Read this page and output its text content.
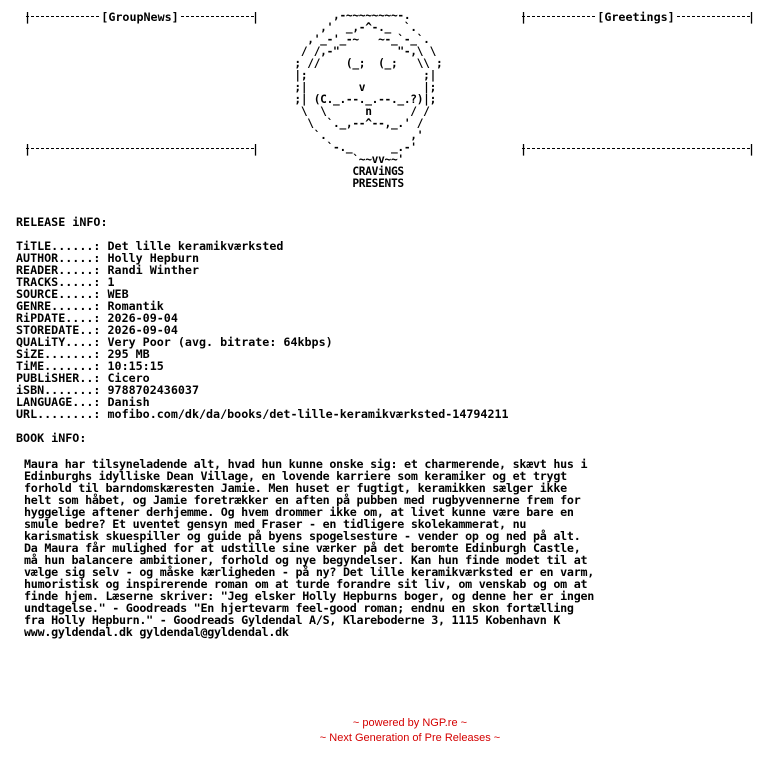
|	[GroupNews]	|	|	[Greetings]	|
|	|	|	|
,-~~~~~~~~-.
,'  _,-^-._  `.
,'_-'_-~   ~-_`-_`.
/ /,-"         "-,\ \
; //    (_;  (_;   \\ ;
|;                  ;|
;|        v         |;
;| (C._.--._.--._.?)|;
\  \      n      / /
\  `._,--^--,_.' /
`.             ,'
`-._      _.-'
`~~vv~~'
CRAViNGS
PRESENTS
RELEASE iNFO:
TiTLE......: Det lille keramikværksted
AUTHOR.....: Holly Hepburn
READER.....: Randi Winther
TRACKS.....: 1
SOURCE.....: WEB
GENRE......: Romantik
RiPDATE....: 2026-09-04
STOREDATE..: 2026-09-04
QUALiTY....: Very Poor (avg. bitrate: 64kbps)
SiZE.......: 295 MB
TiME.......: 10:15:15
PUBLiSHER..: Cicero
iSBN.......: 9788702436037
LANGUAGE...: Danish
URL........: mofibo.com/dk/da/books/det-lille-keramikværksted-14794211
BOOK iNFO:
Maura har tilsyneladende alt, hvad hun kunne onske sig: et charmerende, skævt hus i Edinburghs idylliske Dean Village, en lovende karriere som keramiker og et trygt forhold til barndomskæresten Jamie. Men huset er fugtigt, keramikken sælger ikke helt som håbet, og Jamie foretrækker en aften på pubben med rugbyvennerne frem for hyggelige aftener derhjemme. Og hvem drommer ikke om, at livet kunne være bare en smule bedre? Et uventet gensyn med Fraser - en tidligere skolekammerat, nu karismatisk skuespiller og guide på byens spogelsesture - vender op og ned på alt. Da Maura får mulighed for at udstille sine værker på det beromte Edinburgh Castle, må hun balancere ambitioner, forhold og nye begyndelser. Kan hun finde modet til at vælge sig selv - og måske kærligheden - på ny? Det lille keramikværksted er en varm, humoristisk og inspirerende roman om at turde forandre sit liv, om venskab og om at finde hjem. Læserne skriver: "Jeg elsker Holly Hepburns boger, og denne her er ingen undtagelse." - Goodreads "En hjertevarm feel-good roman; endnu en skon fortælling fra Holly Hepburn." - Goodreads Gyldendal A/S, Klareboderne 3, 1115 Kobenhavn K www.gyldendal.dk gyldendal@gyldendal.dk
~ powered by NGP.re ~
~ Next Generation of Pre Releases ~
